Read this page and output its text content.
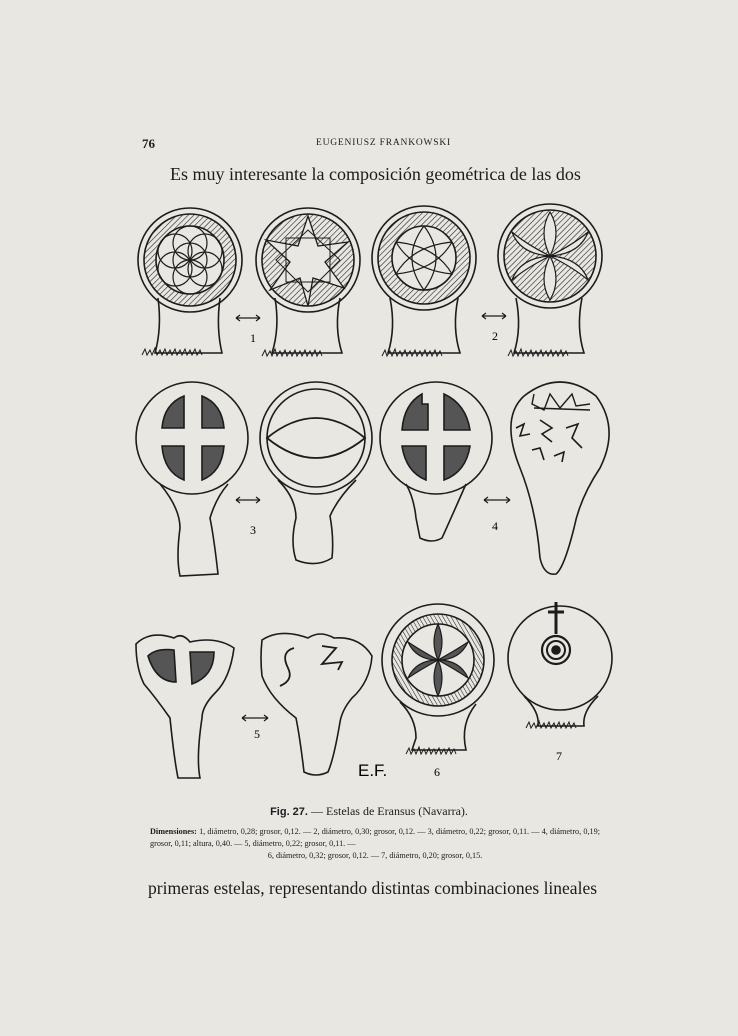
76	EUGENIUSZ FRANKOWSKI
Es muy interesante la composición geométrica de las dos
1	2
3	4
5
6
7
E.F.
Fig. 27. — Estelas de Eransus (Navarra).
Dimensiones: 1, diámetro, 0,28; grosor, 0,12. — 2, diámetro, 0,30; grosor, 0,12. — 3, diámetro, 0,22; grosor, 0,11. — 4, diámetro, 0,19; grosor, 0,11; altura, 0,40. — 5, diámetro, 0,22; grosor, 0,11. —
6, diámetro, 0,32; grosor, 0,12. — 7, diámetro, 0,20; grosor, 0,15.
primeras estelas, representando distintas combinaciones lineales
